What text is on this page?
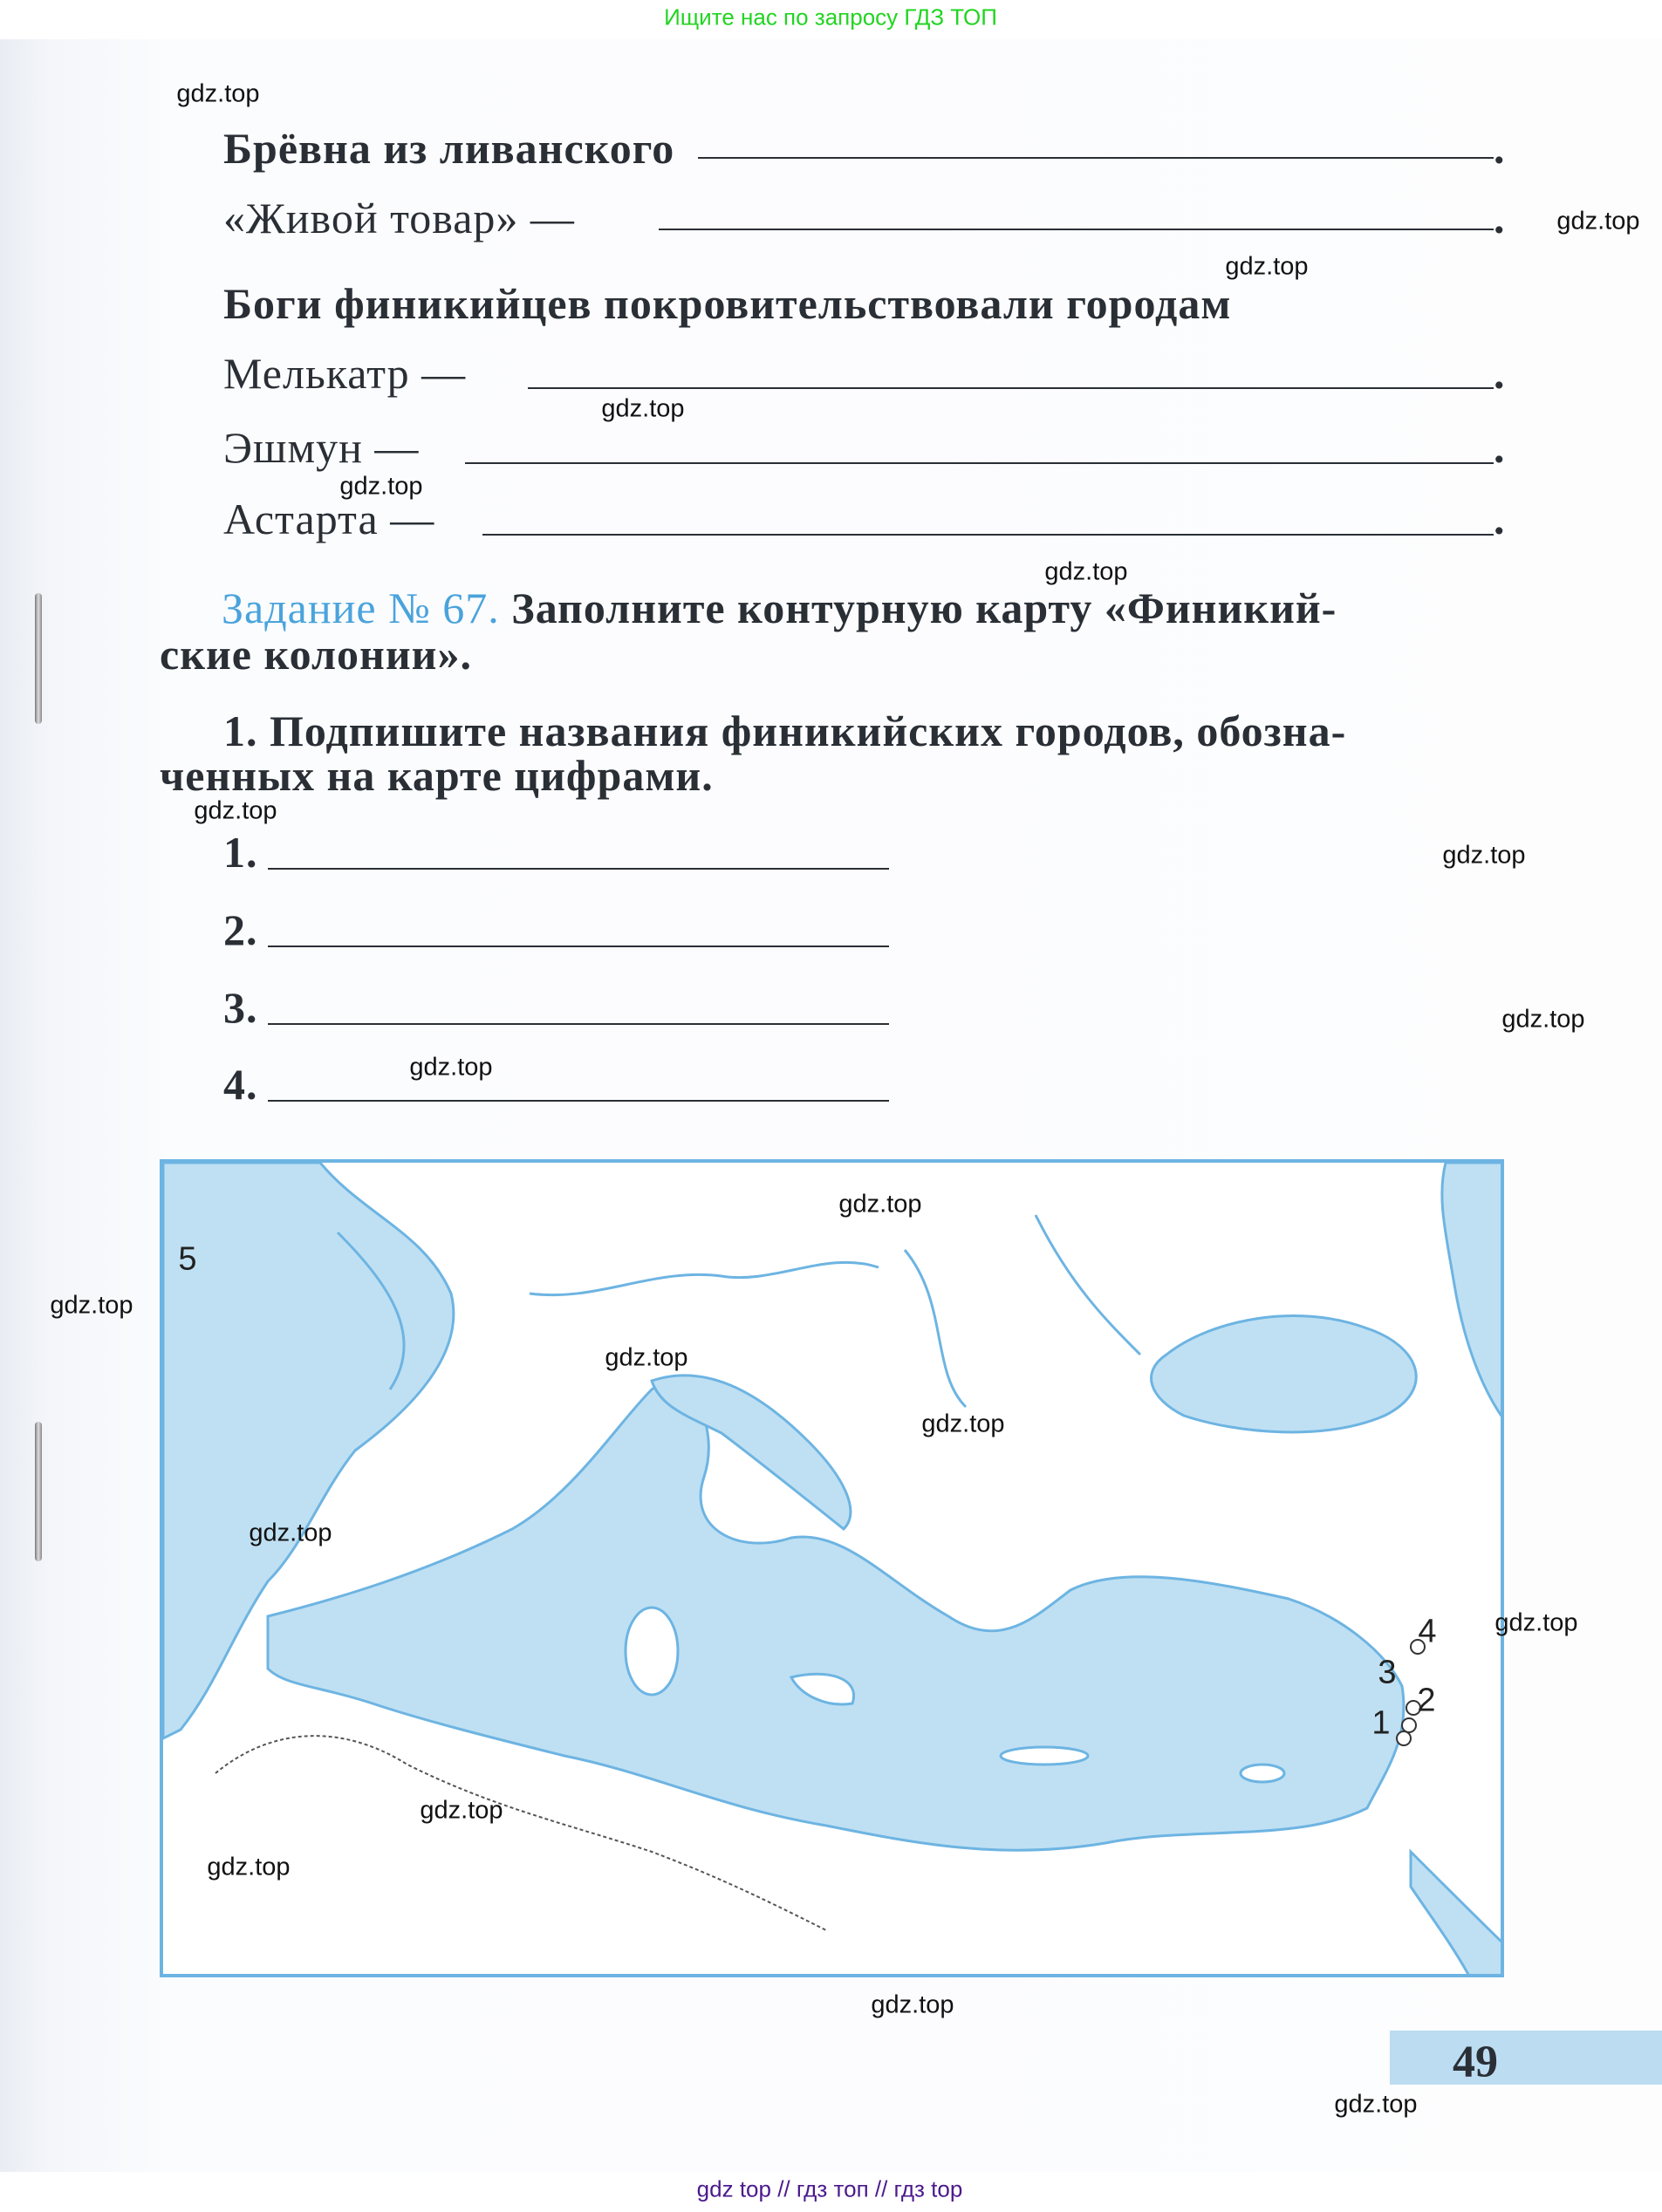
Ищите нас по запросу ГДЗ ТОП
Брёвна из ливанского	.
«Живой товар» —	.
Боги финикийцев покровительствовали городам
Мелькатр —	.
Эшмун —	.
Астарта —	.
Задание № 67. Заполните контурную карту «Финикий-
ские колонии».
1. Подпишите названия финикийских городов, обозна-
ченных на карте цифрами.
1.
2.
3.
4.
5
4
3
2
1
49
gdz.top
gdz.top
gdz.top
gdz.top
gdz.top
gdz.top
gdz.top
gdz.top
gdz.top
gdz.top
gdz.top
gdz.top
gdz.top
gdz.top
gdz.top
gdz.top
gdz.top
gdz.top
gdz.top
gdz.top
gdz top // гдз топ // гдз top
